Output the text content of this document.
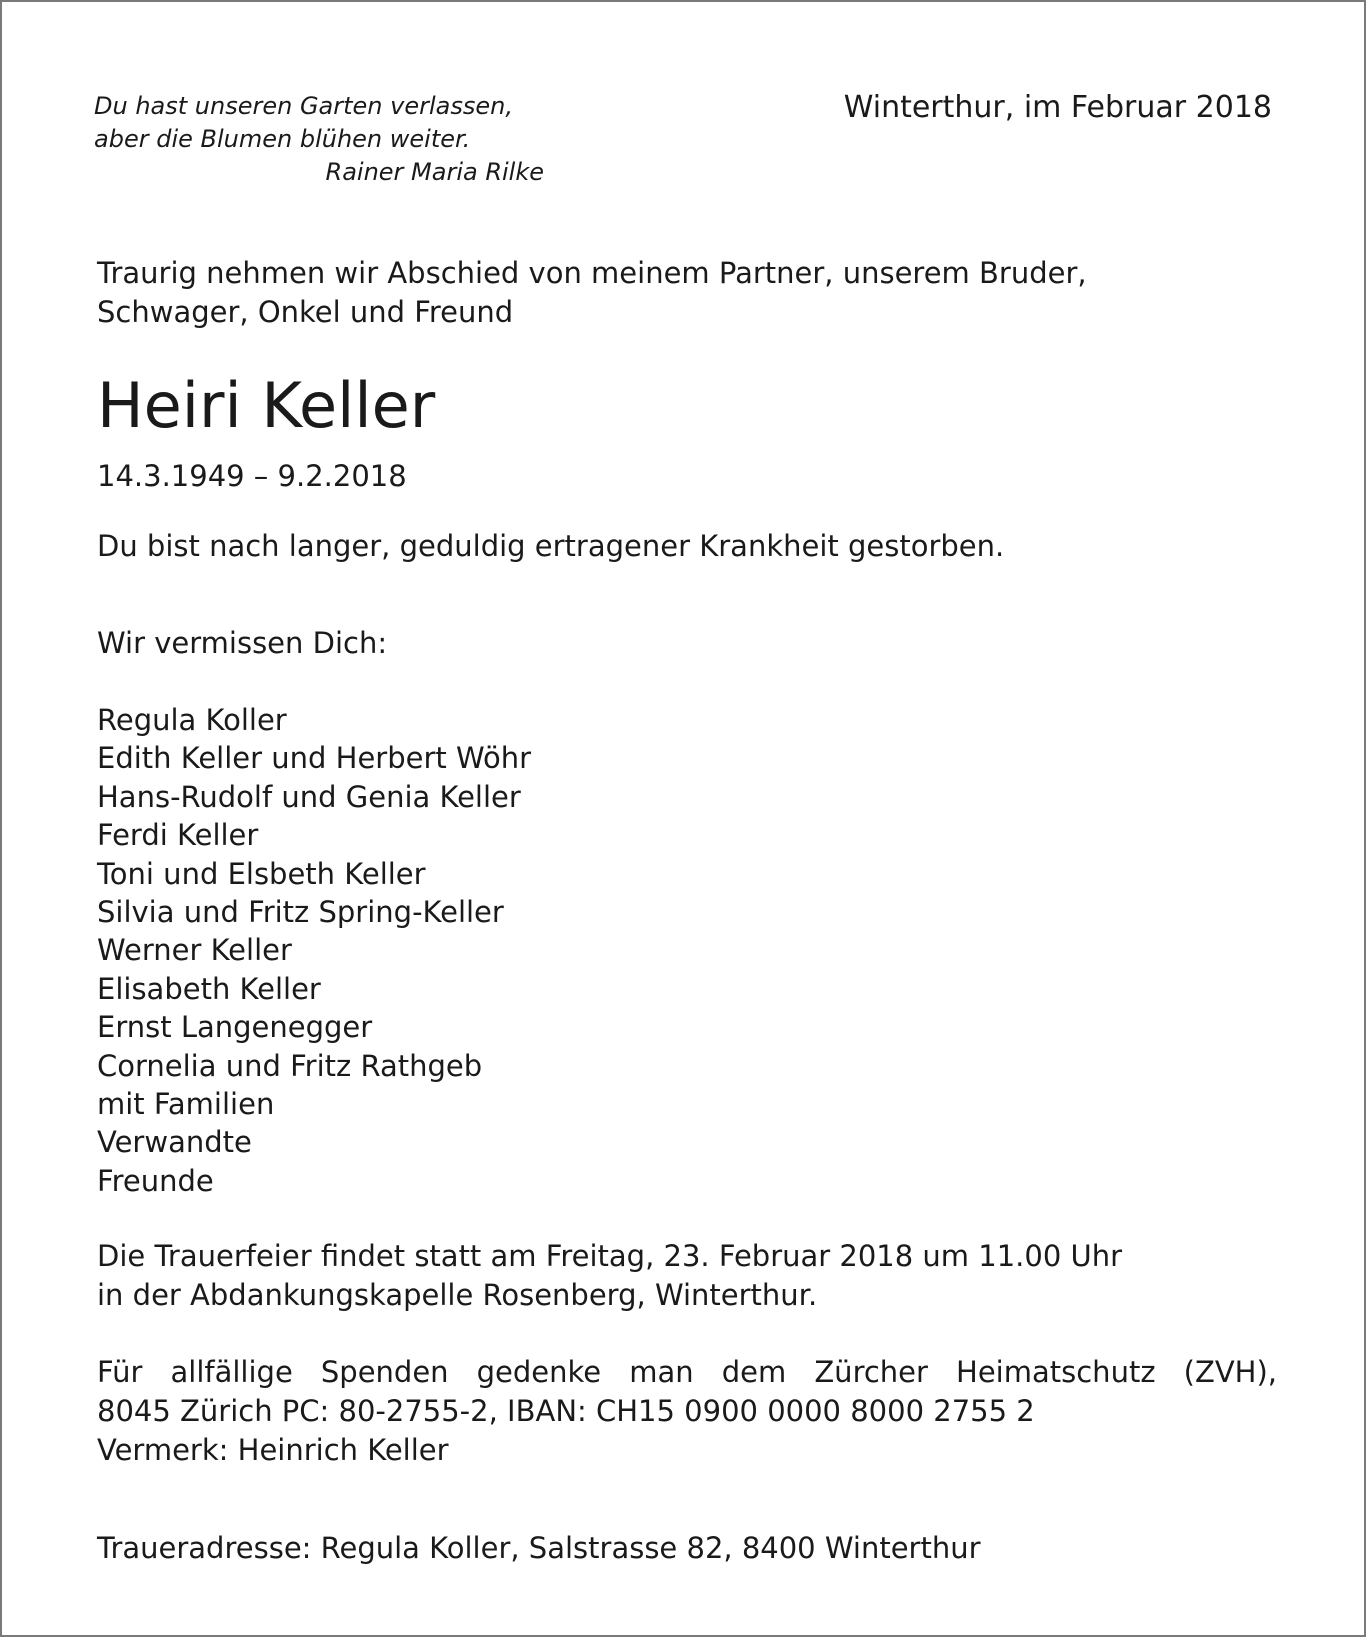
Du hast unseren Garten verlassen,
aber die Blumen blühen weiter.
Rainer Maria Rilke
Winterthur, im Februar 2018
Traurig nehmen wir Abschied von meinem Partner, unserem Bruder,
Schwager, Onkel und Freund
Heiri Keller
14.3.1949 – 9.2.2018
Du bist nach langer, geduldig ertragener Krankheit gestorben.
Wir vermissen Dich:
Regula Koller
Edith Keller und Herbert Wöhr
Hans-Rudolf und Genia Keller
Ferdi Keller
Toni und Elsbeth Keller
Silvia und Fritz Spring-Keller
Werner Keller
Elisabeth Keller
Ernst Langenegger
Cornelia und Fritz Rathgeb
mit Familien
Verwandte
Freunde
Die Trauerfeier findet statt am Freitag, 23. Februar 2018 um 11.00 Uhr
in der Abdankungskapelle Rosenberg, Winterthur.
Für allfällige Spenden gedenke man dem Zürcher Heimatschutz (ZVH),
8045 Zürich PC: 80-2755-2, IBAN: CH15 0900 0000 8000 2755 2
Vermerk: Heinrich Keller
Traueradresse: Regula Koller, Salstrasse 82, 8400 Winterthur
